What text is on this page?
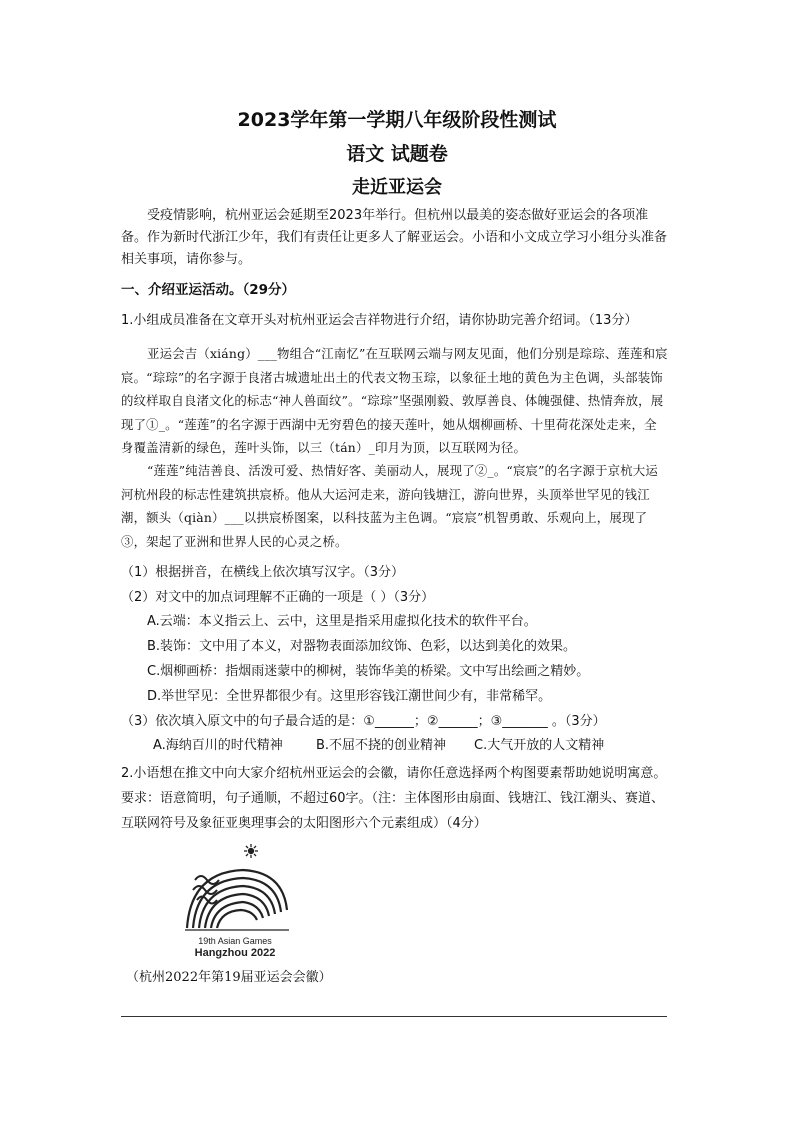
2023学年第一学期八年级阶段性测试
语文 试题卷
走近亚运会
受疫情影响，杭州亚运会延期至2023年举行。但杭州以最美的姿态做好亚运会的各项准备。作为新时代浙江少年，我们有责任让更多人了解亚运会。小语和小文成立学习小组分头准备相关事项，请你参与。
一、介绍亚运活动。（29分）
1.小组成员准备在文章开头对杭州亚运会吉祥物进行介绍，请你协助完善介绍词。（13分）
亚运会吉（xiáng）___物组合“江南忆”在互联网云端与网友见面，他们分别是琮琮、莲莲和宸宸。“琮琮”的名字源于良渚古城遗址出土的代表文物玉琮，以象征土地的黄色为主色调，头部装饰的纹样取自良渚文化的标志“神人兽面纹”。“琮琮”坚强刚毅、敦厚善良、体魄强健、热情奔放，展现了①_。“莲莲”的名字源于西湖中无穷碧色的接天莲叶，她从烟柳画桥、十里荷花深处走来，全身覆盖清新的绿色，莲叶头饰，以三（tán）_印月为顶，以互联网为径。
“莲莲”纯洁善良、活泼可爱、热情好客、美丽动人，展现了②_。“宸宸”的名字源于京杭大运河杭州段的标志性建筑拱宸桥。他从大运河走来，游向钱塘江，游向世界，头顶举世罕见的钱江潮，额头（qiàn）___以拱宸桥图案，以科技蓝为主色调。“宸宸”机智勇敢、乐观向上，展现了③，架起了亚洲和世界人民的心灵之桥。
（1）根据拼音，在横线上依次填写汉字。（3分）
（2）对文中的加点词理解不正确的一项是（ ）（3分）
A.云端：本义指云上、云中，这里是指采用虚拟化技术的软件平台。
B.装饰：文中用了本义，对器物表面添加纹饰、色彩，以达到美化的效果。
C.烟柳画桥：指烟雨迷蒙中的柳树，装饰华美的桥梁。文中写出绘画之精妙。
D.举世罕见：全世界都很少有。这里形容钱江潮世间少有，非常稀罕。
（3）依次填入原文中的句子最合适的是：①______；②______；③_______ 。（3分）
A.海纳百川的时代精神	B.不屈不挠的创业精神 C.大气开放的人文精神
2.小语想在推文中向大家介绍杭州亚运会的会徽，请你任意选择两个构图要素帮助她说明寓意。要求：语意简明，句子通顺，不超过60字。（注：主体图形由扇面、钱塘江、钱江潮头、赛道、互联网符号及象征亚奥理事会的太阳图形六个元素组成）（4分）
19th Asian Games
Hangzhou 2022
（杭州2022年第19届亚运会会徽）
